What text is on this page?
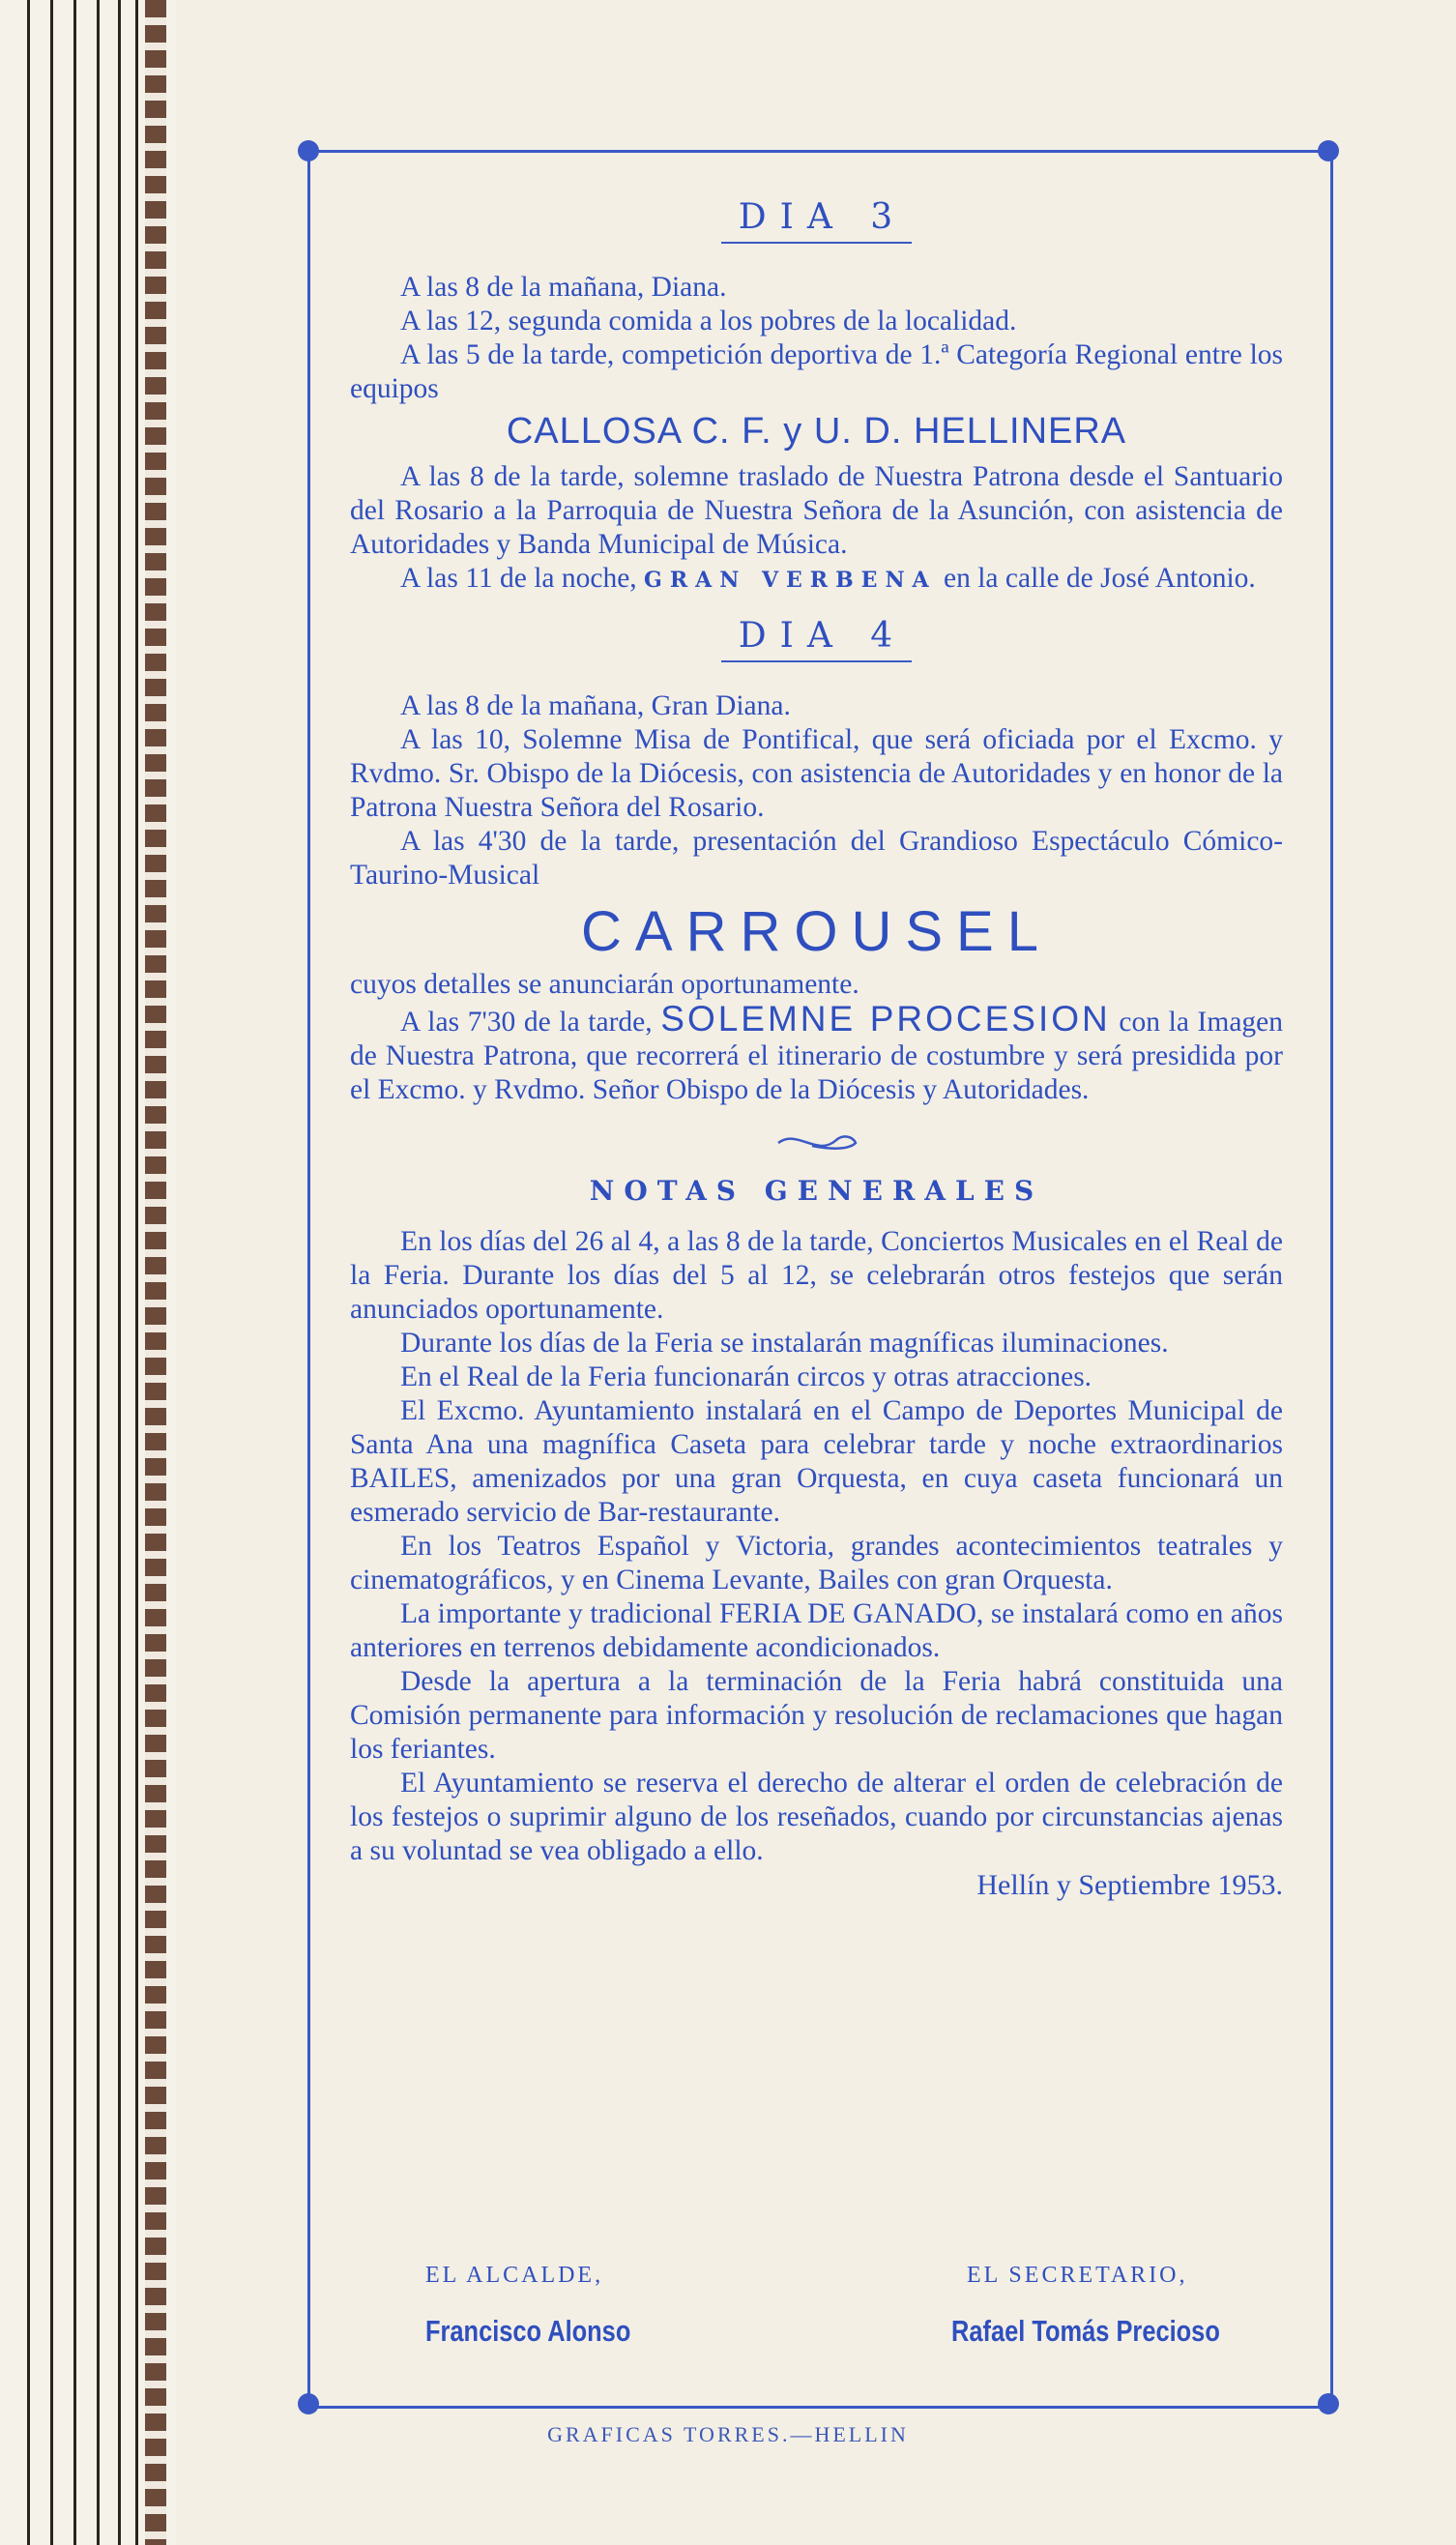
DIA 3

A las 8 de la mañana, Diana.

A las 12, segunda comida a los pobres de la localidad.

A las 5 de la tarde, competición deportiva de 1.ª Categoría Regional entre los equipos

CALLOSA C. F. y U. D. HELLINERA

A las 8 de la tarde, solemne traslado de Nuestra Patrona desde el Santuario del Rosario a la Parroquia de Nuestra Señora de la Asunción, con asistencia de Autoridades y Banda Municipal de Música.

A las 11 de la noche, GRAN VERBENA en la calle de José Antonio.

DIA 4

A las 8 de la mañana, Gran Diana.

A las 10, Solemne Misa de Pontifical, que será oficiada por el Excmo. y Rvdmo. Sr. Obispo de la Diócesis, con asistencia de Autoridades y en honor de la Patrona Nuestra Señora del Rosario.

A las 4'30 de la tarde, presentación del Grandioso Espectáculo Cómico-Taurino-Musical

CARROUSEL

cuyos detalles se anunciarán oportunamente.

A las 7'30 de la tarde, SOLEMNE PROCESION con la Imagen de Nuestra Patrona, que recorrerá el itinerario de costumbre y será presidida por el Excmo. y Rvdmo. Señor Obispo de la Diócesis y Autoridades.

NOTAS GENERALES

En los días del 26 al 4, a las 8 de la tarde, Conciertos Musicales en el Real de la Feria. Durante los días del 5 al 12, se celebrarán otros festejos que serán anunciados oportunamente.

Durante los días de la Feria se instalarán magníficas iluminaciones.

En el Real de la Feria funcionarán circos y otras atracciones.

El Excmo. Ayuntamiento instalará en el Campo de Deportes Municipal de Santa Ana una magnífica Caseta para celebrar tarde y noche extraordinarios BAILES, amenizados por una gran Orquesta, en cuya caseta funcionará un esmerado servicio de Bar-restaurante.

En los Teatros Español y Victoria, grandes acontecimientos teatrales y cinematográficos, y en Cinema Levante, Bailes con gran Orquesta.

La importante y tradicional FERIA DE GANADO, se instalará como en años anteriores en terrenos debidamente acondicionados.

Desde la apertura a la terminación de la Feria habrá constituida una Comisión permanente para información y resolución de reclamaciones que hagan los feriantes.

El Ayuntamiento se reserva el derecho de alterar el orden de celebración de los festejos o suprimir alguno de los reseñados, cuando por circunstancias ajenas a su voluntad se vea obligado a ello.

Hellín y Septiembre 1953.

EL ALCALDE,
Francisco Alonso
EL SECRETARIO,
Rafael Tomás Precioso
GRAFICAS TORRES.—HELLIN
